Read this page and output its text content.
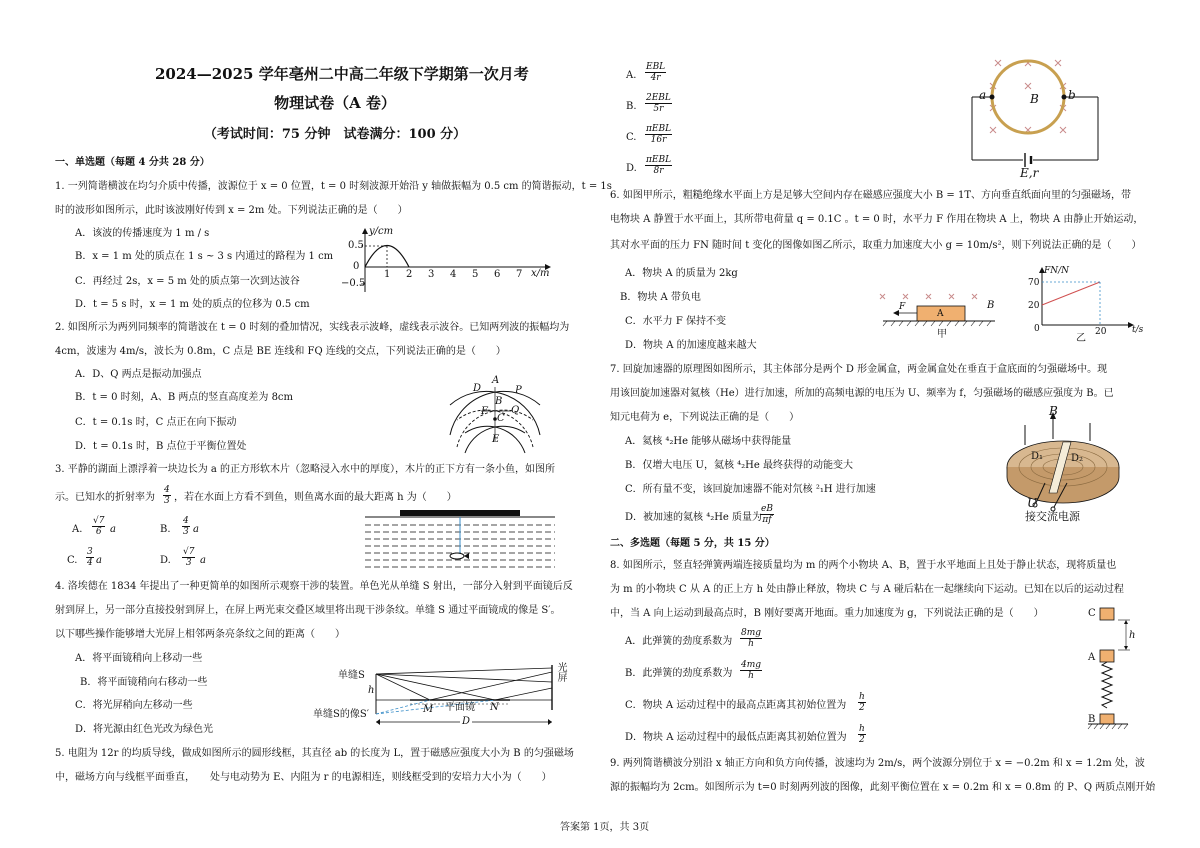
2024—2025 学年亳州二中高二年级下学期第一次月考
物理试卷（A 卷）
（考试时间：75 分钟　试卷满分：100 分）
一、单选题（每题 4 分共 28 分）
1. 一列简谐横波在均匀介质中传播，波源位于 x = 0 位置，t = 0 时刻波源开始沿 y 轴做振幅为 0.5 cm 的简谐振动，t = 1s
时的波形如图所示，此时该波刚好传到 x = 2m 处。下列说法正确的是（　　）
A．该波的传播速度为 1 m / s
B．x = 1 m 处的质点在 1 s ~ 3 s 内通过的路程为 1 cm
C．再经过 2s，x = 5 m 处的质点第一次到达波谷
D．t = 5 s 时，x = 1 m 处的质点的位移为 0.5 cm
y/cm
x/m
0.5
0
−0.5
1 2 3 4 5 6 7
2. 如图所示为两列同频率的简谐波在 t = 0 时刻的叠加情况，实线表示波峰，虚线表示波谷。已知两列波的振幅均为
4cm，波速为 4m/s，波长为 0.8m，C 点是 BE 连线和 FQ 连线的交点，下列说法正确的是（　　）
A．D、Q 两点是振动加强点
B．t = 0 时刻，A、B 两点的竖直高度差为 8cm
C．t = 0.1s 时，C 点正在向下振动
D．t = 0.1s 时，B 点位于平衡位置处
D
A
P
B
F
C
Q
E
3. 平静的湖面上漂浮着一块边长为 a 的正方形软木片（忽略浸入水中的厚度），木片的正下方有一条小鱼，如图所
示。已知水的折射率为 $\frac{4}{3}$ ，若在水面上方看不到鱼，则鱼离水面的最大距离 h 为（　　）
A. $\frac{√7}{6}$ a	B. $\frac{4}{3}$ a
C. $\frac{3}{4}$ a	D. $\frac{√7}{3}$ a
4. 洛埃德在 1834 年提出了一种更简单的如图所示观察干涉的装置。单色光从单缝 S 射出，一部分入射到平面镜后反
射到屏上，另一部分直接投射到屏上，在屏上两光束交叠区域里将出现干涉条纹。单缝 S 通过平面镜成的像是 S′。
以下哪些操作能够增大光屏上相邻两条亮条纹之间的距离（　　）
A．将平面镜稍向上移动一些
B．将平面镜稍向右移动一些
C．将光屏稍向左移动一些
D．将光源由红色光改为绿色光
单缝S
单缝S的像S′
h
光屏
平面镜
M	N
D
5. 电阻为 12r 的均质导线，做成如图所示的圆形线框，其直径 ab 的长度为 L，置于磁感应强度大小为 B 的匀强磁场
中，磁场方向与线框平面垂直，　　处与电动势为 E、内阻为 r 的电源相连，则线框受到的安培力大小为（　　）
答案第 1页，共 3页
A.
EBL
4r
B.
2EBL
5r
C.
πEBL
16r
D.
πEBL
8r
a	b
B
E,r
6. 如图甲所示，粗糙绝缘水平面上方是足够大空间内存在磁感应强度大小 B = 1T、方向垂直纸面向里的匀强磁场，带
电物块 A 静置于水平面上，其所带电荷量 q = 0.1C 。t = 0 时，水平力 F 作用在物块 A 上，物块 A 由静止开始运动，
其对水平面的压力 FN 随时间 t 变化的图像如图乙所示，取重力加速度大小 g = 10m/s²，则下列说法正确的是（　　）
A．物块 A 的质量为 2kg
B．物块 A 带负电
C．水平力 F 保持不变
D．物块 A 的加速度越来越大
A
F	B
甲
FN/N
t/s
70
20
0	20
乙
7. 回旋加速器的原理图如图所示，其主体部分是两个 D 形金属盒，两金属盒处在垂直于盒底面的匀强磁场中。现
用该回旋加速器对氦核（He）进行加速，所加的高频电源的电压为 U、频率为 f，匀强磁场的磁感应强度为 B。已
知元电荷为 e，下列说法正确的是（　　）
A．氦核 ⁴₂He 能够从磁场中获得能量
B．仅增大电压 U，氦核 ⁴₂He 最终获得的动能变大
C．所有量不变，该回旋加速器不能对氘核 ²₁H 进行加速
D．被加速的氦核 ⁴₂He 质量为
$\frac{eB}{\pi f}$
B
D₁	D₂
U
接交流电源
二、多选题（每题 5 分，共 15 分）
8. 如图所示，竖直轻弹簧两端连接质量均为 m 的两个小物块 A、B，置于水平地面上且处于静止状态，现将质量也
为 m 的小物块 C 从 A 的正上方 h 处由静止释放，物块 C 与 A 碰后粘在一起继续向下运动。已知在以后的运动过程
中，当 A 向上运动到最高点时，B 刚好要离开地面。重力加速度为 g，下列说法正确的是（　　）
A．此弹簧的劲度系数为 $\frac{8mg}{h}$
B．此弹簧的劲度系数为 $\frac{4mg}{h}$
C．物块 A 运动过程中的最高点距离其初始位置为 $\frac{h}{2}$
D．物块 A 运动过程中的最低点距离其初始位置为 $\frac{h}{2}$
C
h
A
B
9. 两列简谐横波分别沿 x 轴正方向和负方向传播，波速均为 2m/s，两个波源分别位于 x = −0.2m 和 x = 1.2m 处，波
源的振幅均为 2cm。如图所示为 t=0 时刻两列波的图像，此刻平衡位置在 x = 0.2m 和 x = 0.8m 的 P、Q 两质点刚开始
